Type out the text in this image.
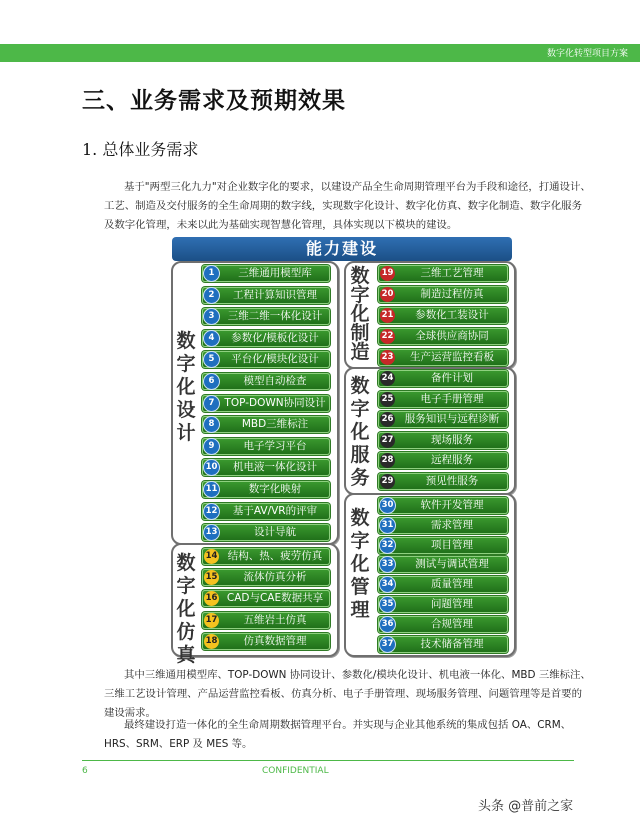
数字化转型项目方案
三、业务需求及预期效果
1. 总体业务需求
基于"两型三化九力"对企业数字化的要求，以建设产品全生命周期管理平台为手段和途径，打通设计、工艺、制造及交付服务的全生命周期的数字线，实现数字化设计、数字化仿真、数字化制造、数字化服务及数字化管理，未来以此为基础实现智慧化管理，具体实现以下模块的建设。
能力建设
数字化设计
数字化仿真
数字化制造
数字化服务
数字化管理
1	三维通用模型库
2	工程计算知识管理
3	三维二维一体化设计
4	参数化/模板化设计
5	平台化/模块化设计
6	模型自动检查
7 TOP-DOWN协同设计
8	MBD三维标注
9	电子学习平台
10	机电液一体化设计
11	数字化映射
12	基于AV/VR的评审
13	设计导航
14 结构、热、疲劳仿真
15	流体仿真分析
16 CAD与CAE数据共享
17	五维岩土仿真
18	仿真数据管理
19	三维工艺管理
20	制造过程仿真
21	参数化工装设计
22	全球供应商协同
23	生产运营监控看板
24	备件计划
25	电子手册管理
26	服务知识与远程诊断
27	现场服务
28	远程服务
29	预见性服务
30	软件开发管理
31	需求管理
32	项目管理
33	测试与调试管理
34	质量管理
35	问题管理
36	合规管理
37	技术储备管理
其中三维通用模型库、TOP-DOWN 协同设计、参数化/模块化设计、机电液一体化、MBD 三维标注、三维工艺设计管理、产品运营监控看板、仿真分析、电子手册管理、现场服务管理、问题管理等是首要的建设需求。
最终建设打造一体化的全生命周期数据管理平台。并实现与企业其他系统的集成包括 OA、CRM、HRS、SRM、ERP 及 MES 等。
6	CONFIDENTIAL
头条 @普前之家
